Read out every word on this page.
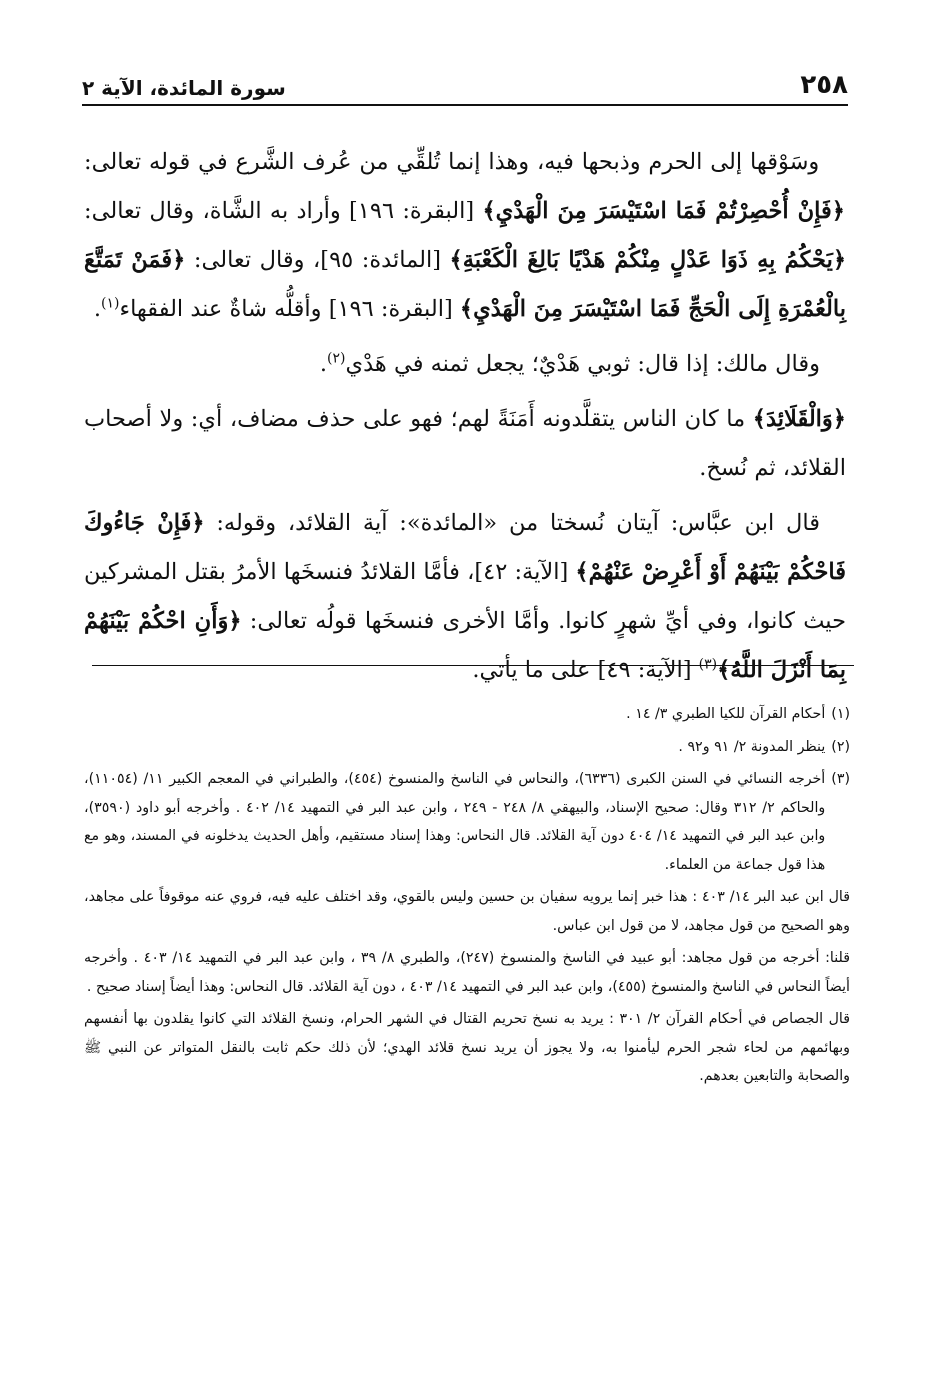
٢٥٨
سورة المائدة، الآية ٢

وسَوْقها إلى الحرم وذبحها فيه، وهذا إنما تُلقِّي من عُرف الشَّرع في قوله تعالى: ﴿فَإِنْ أُحْصِرْتُمْ فَمَا اسْتَيْسَرَ مِنَ الْهَدْيِ﴾ [البقرة: ١٩٦] وأراد به الشَّاة، وقال تعالى: ﴿يَحْكُمُ بِهِ ذَوَا عَدْلٍ مِنْكُمْ هَدْيًا بَالِغَ الْكَعْبَةِ﴾ [المائدة: ٩٥]، وقال تعالى: ﴿فَمَنْ تَمَتَّعَ بِالْعُمْرَةِ إِلَى الْحَجِّ فَمَا اسْتَيْسَرَ مِنَ الْهَدْيِ﴾ [البقرة: ١٩٦] وأقلُّه شاةٌ عند الفقهاء$^{(١)}$.

وقال مالك: إذا قال: ثوبي هَدْيٌ؛ يجعل ثمنه في هَدْي$^{(٢)}$.

﴿وَالْقَلَائِدَ﴾ ما كان الناس يتقلَّدونه أَمَنَةً لهم؛ فهو على حذف مضاف، أي: ولا أصحاب القلائد، ثم نُسخ.

قال ابن عبَّاس: آيتان نُسختا من «المائدة»: آية القلائد، وقوله: ﴿فَإِنْ جَاءُوكَ فَاحْكُمْ بَيْنَهُمْ أَوْ أَعْرِضْ عَنْهُمْ﴾ [الآية: ٤٢]، فأمَّا القلائدُ فنسخَها الأمرُ بقتل المشركين حيث كانوا، وفي أيِّ شهرٍ كانوا. وأمَّا الأخرى فنسخَها قولُه تعالى: ﴿وَأَنِ احْكُمْ بَيْنَهُمْ بِمَا أَنْزَلَ اللَّهُ﴾$^{(٣)}$ [الآية: ٤٩] على ما يأتي.

(١)
أحكام القرآن للكيا الطبري ٣/ ١٤ .

(٢)
ينظر المدونة ٢/ ٩١ و٩٢ .

(٣)
أخرجه النسائي في السنن الكبرى (٦٣٣٦)، والنحاس في الناسخ والمنسوخ (٤٥٤)، والطبراني في المعجم الكبير ١١/ (١١٠٥٤)، والحاكم ٢/ ٣١٢ وقال: صحيح الإسناد، والبيهقي ٨/ ٢٤٨ - ٢٤٩ ، وابن عبد البر في التمهيد ١٤/ ٤٠٢ . وأخرجه أبو داود (٣٥٩٠)، وابن عبد البر في التمهيد ١٤/ ٤٠٤ دون آية القلائد. قال النحاس: وهذا إسناد مستقيم، وأهل الحديث يدخلونه في المسند، وهو مع هذا قول جماعة من العلماء.

قال ابن عبد البر ١٤/ ٤٠٣ : هذا خبر إنما يرويه سفيان بن حسين وليس بالقوي، وقد اختلف عليه فيه، فروي عنه موقوفاً على مجاهد، وهو الصحيح من قول مجاهد، لا من قول ابن عباس.

قلنا: أخرجه من قول مجاهد: أبو عبيد في الناسخ والمنسوخ (٢٤٧)، والطبري ٨/ ٣٩ ، وابن عبد البر في التمهيد ١٤/ ٤٠٣ . وأخرجه أيضاً النحاس في الناسخ والمنسوخ (٤٥٥)، وابن عبد البر في التمهيد ١٤/ ٤٠٣ ، دون آية القلائد. قال النحاس: وهذا أيضاً إسناد صحيح .

قال الجصاص في أحكام القرآن ٢/ ٣٠١ : يريد به نسخ تحريم القتال في الشهر الحرام، ونسخ القلائد التي كانوا يقلدون بها أنفسهم وبهائمهم من لحاء شجر الحرم ليأمنوا به، ولا يجوز أن يريد نسخ قلائد الهدي؛ لأن ذلك حكم ثابت بالنقل المتواتر عن النبي ﷺ والصحابة والتابعين بعدهم.
